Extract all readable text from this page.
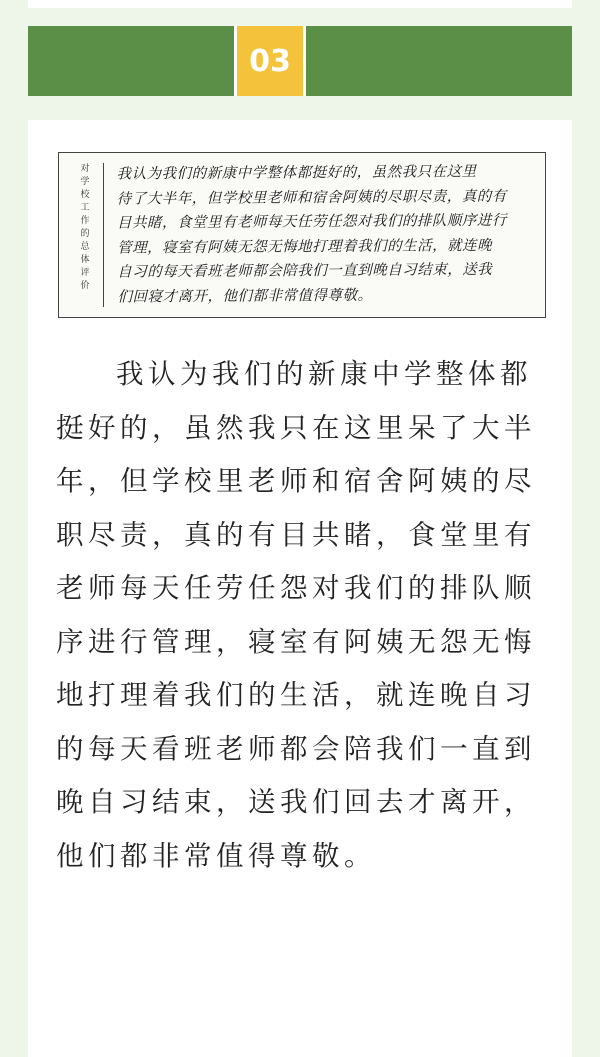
03
对
学
校
工
作
的
总
体
评
价
我认为我们的新康中学整体都挺好的，虽然我只在这里
待了大半年，但学校里老师和宿舍阿姨的尽职尽责，真的有
目共睹，食堂里有老师每天任劳任怨对我们的排队顺序进行
管理，寝室有阿姨无怨无悔地打理着我们的生活，就连晚
自习的每天看班老师都会陪我们一直到晚自习结束，送我
们回寝才离开，他们都非常值得尊敬。

我认为我们的新康中学整体都挺好的，虽然我只在这里呆了大半年，但学校里老师和宿舍阿姨的尽职尽责，真的有目共睹，食堂里有老师每天任劳任怨对我们的排队顺序进行管理，寝室有阿姨无怨无悔地打理着我们的生活，就连晚自习的每天看班老师都会陪我们一直到晚自习结束，送我们回去才离开，他们都非常值得尊敬。
